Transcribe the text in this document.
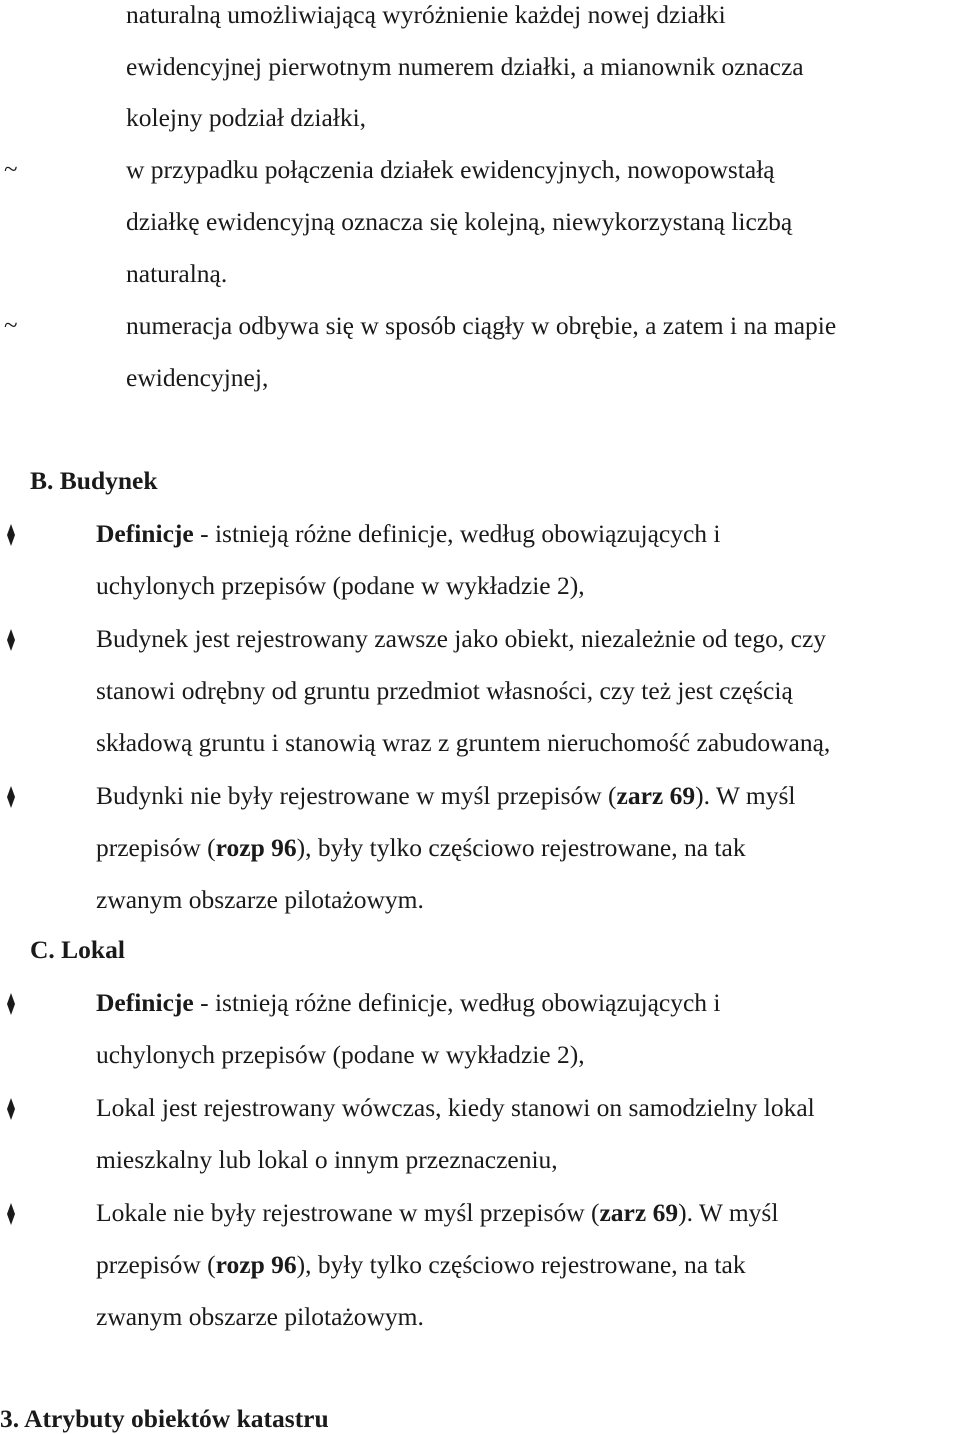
naturalną umożliwiającą wyróżnienie każdej nowej działki
ewidencyjnej pierwotnym numerem działki, a mianownik oznacza
kolejny podział działki,
~	w przypadku połączenia działek ewidencyjnych, nowopowstałą
działkę ewidencyjną oznacza się kolejną, niewykorzystaną liczbą
naturalną.
~	numeracja odbywa się w sposób ciągły w obrębie, a zatem i na mapie
ewidencyjnej,
B. Budynek
Definicje - istnieją różne definicje, według obowiązujących i
uchylonych przepisów (podane w wykładzie 2),
Budynek jest rejestrowany zawsze jako obiekt, niezależnie od tego, czy
stanowi odrębny od gruntu przedmiot własności, czy też jest częścią
składową gruntu i stanowią wraz z gruntem nieruchomość zabudowaną,
Budynki nie były rejestrowane w myśl przepisów (zarz 69). W myśl
przepisów (rozp 96), były tylko częściowo rejestrowane, na tak
zwanym obszarze pilotażowym.
C. Lokal
Definicje - istnieją różne definicje, według obowiązujących i
uchylonych przepisów (podane w wykładzie 2),
Lokal jest rejestrowany wówczas, kiedy stanowi on samodzielny lokal
mieszkalny lub lokal o innym przeznaczeniu,
Lokale nie były rejestrowane w myśl przepisów (zarz 69). W myśl
przepisów (rozp 96), były tylko częściowo rejestrowane, na tak
zwanym obszarze pilotażowym.
3. Atrybuty obiektów katastru
